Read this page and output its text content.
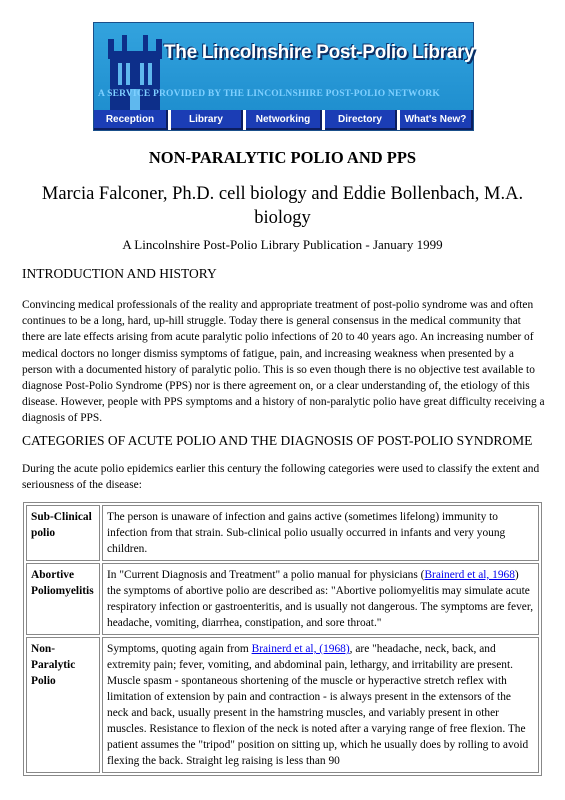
The Lincolnshire Post-Polio Library
A SERVICE PROVIDED BY THE LINCOLNSHIRE POST-POLIO NETWORK
Reception	Library	Networking	Directory	What's New?
NON-PARALYTIC POLIO AND PPS
Marcia Falconer, Ph.D. cell biology and Eddie Bollenbach, M.A. biology
A Lincolnshire Post-Polio Library Publication - January 1999
INTRODUCTION AND HISTORY

Convincing medical professionals of the reality and appropriate treatment of post-polio syndrome was and often continues to be a long, hard, up-hill struggle. Today there is general consensus in the medical community that there are late effects arising from acute paralytic polio infections of 20 to 40 years ago. An increasing number of medical doctors no longer dismiss symptoms of fatigue, pain, and increasing weakness when presented by a person with a documented history of paralytic polio. This is so even though there is no objective test available to diagnose Post-Polio Syndrome (PPS) nor is there agreement on, or a clear understanding of, the etiology of this disease. However, people with PPS symptoms and a history of non-paralytic polio have great difficulty receiving a diagnosis of PPS.

CATEGORIES OF ACUTE POLIO AND THE DIAGNOSIS OF POST-POLIO SYNDROME

During the acute polio epidemics earlier this century the following categories were used to classify the extent and seriousness of the disease:

Sub-Clinical polio	The person is unaware of infection and gains active (sometimes lifelong) immunity to infection from that strain. Sub-clinical polio usually occurred in infants and very young children.
Abortive Poliomyelitis	In "Current Diagnosis and Treatment" a polio manual for physicians (Brainerd et al, 1968) the symptoms of abortive polio are described as: "Abortive poliomyelitis may simulate acute respiratory infection or gastroenteritis, and is usually not dangerous. The symptoms are fever, headache, vomiting, diarrhea, constipation, and sore throat."
Non-Paralytic Polio	Symptoms, quoting again from Brainerd et al, (1968), are "headache, neck, back, and extremity pain; fever, vomiting, and abdominal pain, lethargy, and irritability are present. Muscle spasm - spontaneous shortening of the muscle or hyperactive stretch reflex with limitation of extension by pain and contraction - is always present in the extensors of the neck and back, usually present in the hamstring muscles, and variably present in other muscles. Resistance to flexion of the neck is noted after a varying range of free flexion. The patient assumes the "tripod" position on sitting up, which he usually does by rolling to avoid flexing the back. Straight leg raising is less than 90
